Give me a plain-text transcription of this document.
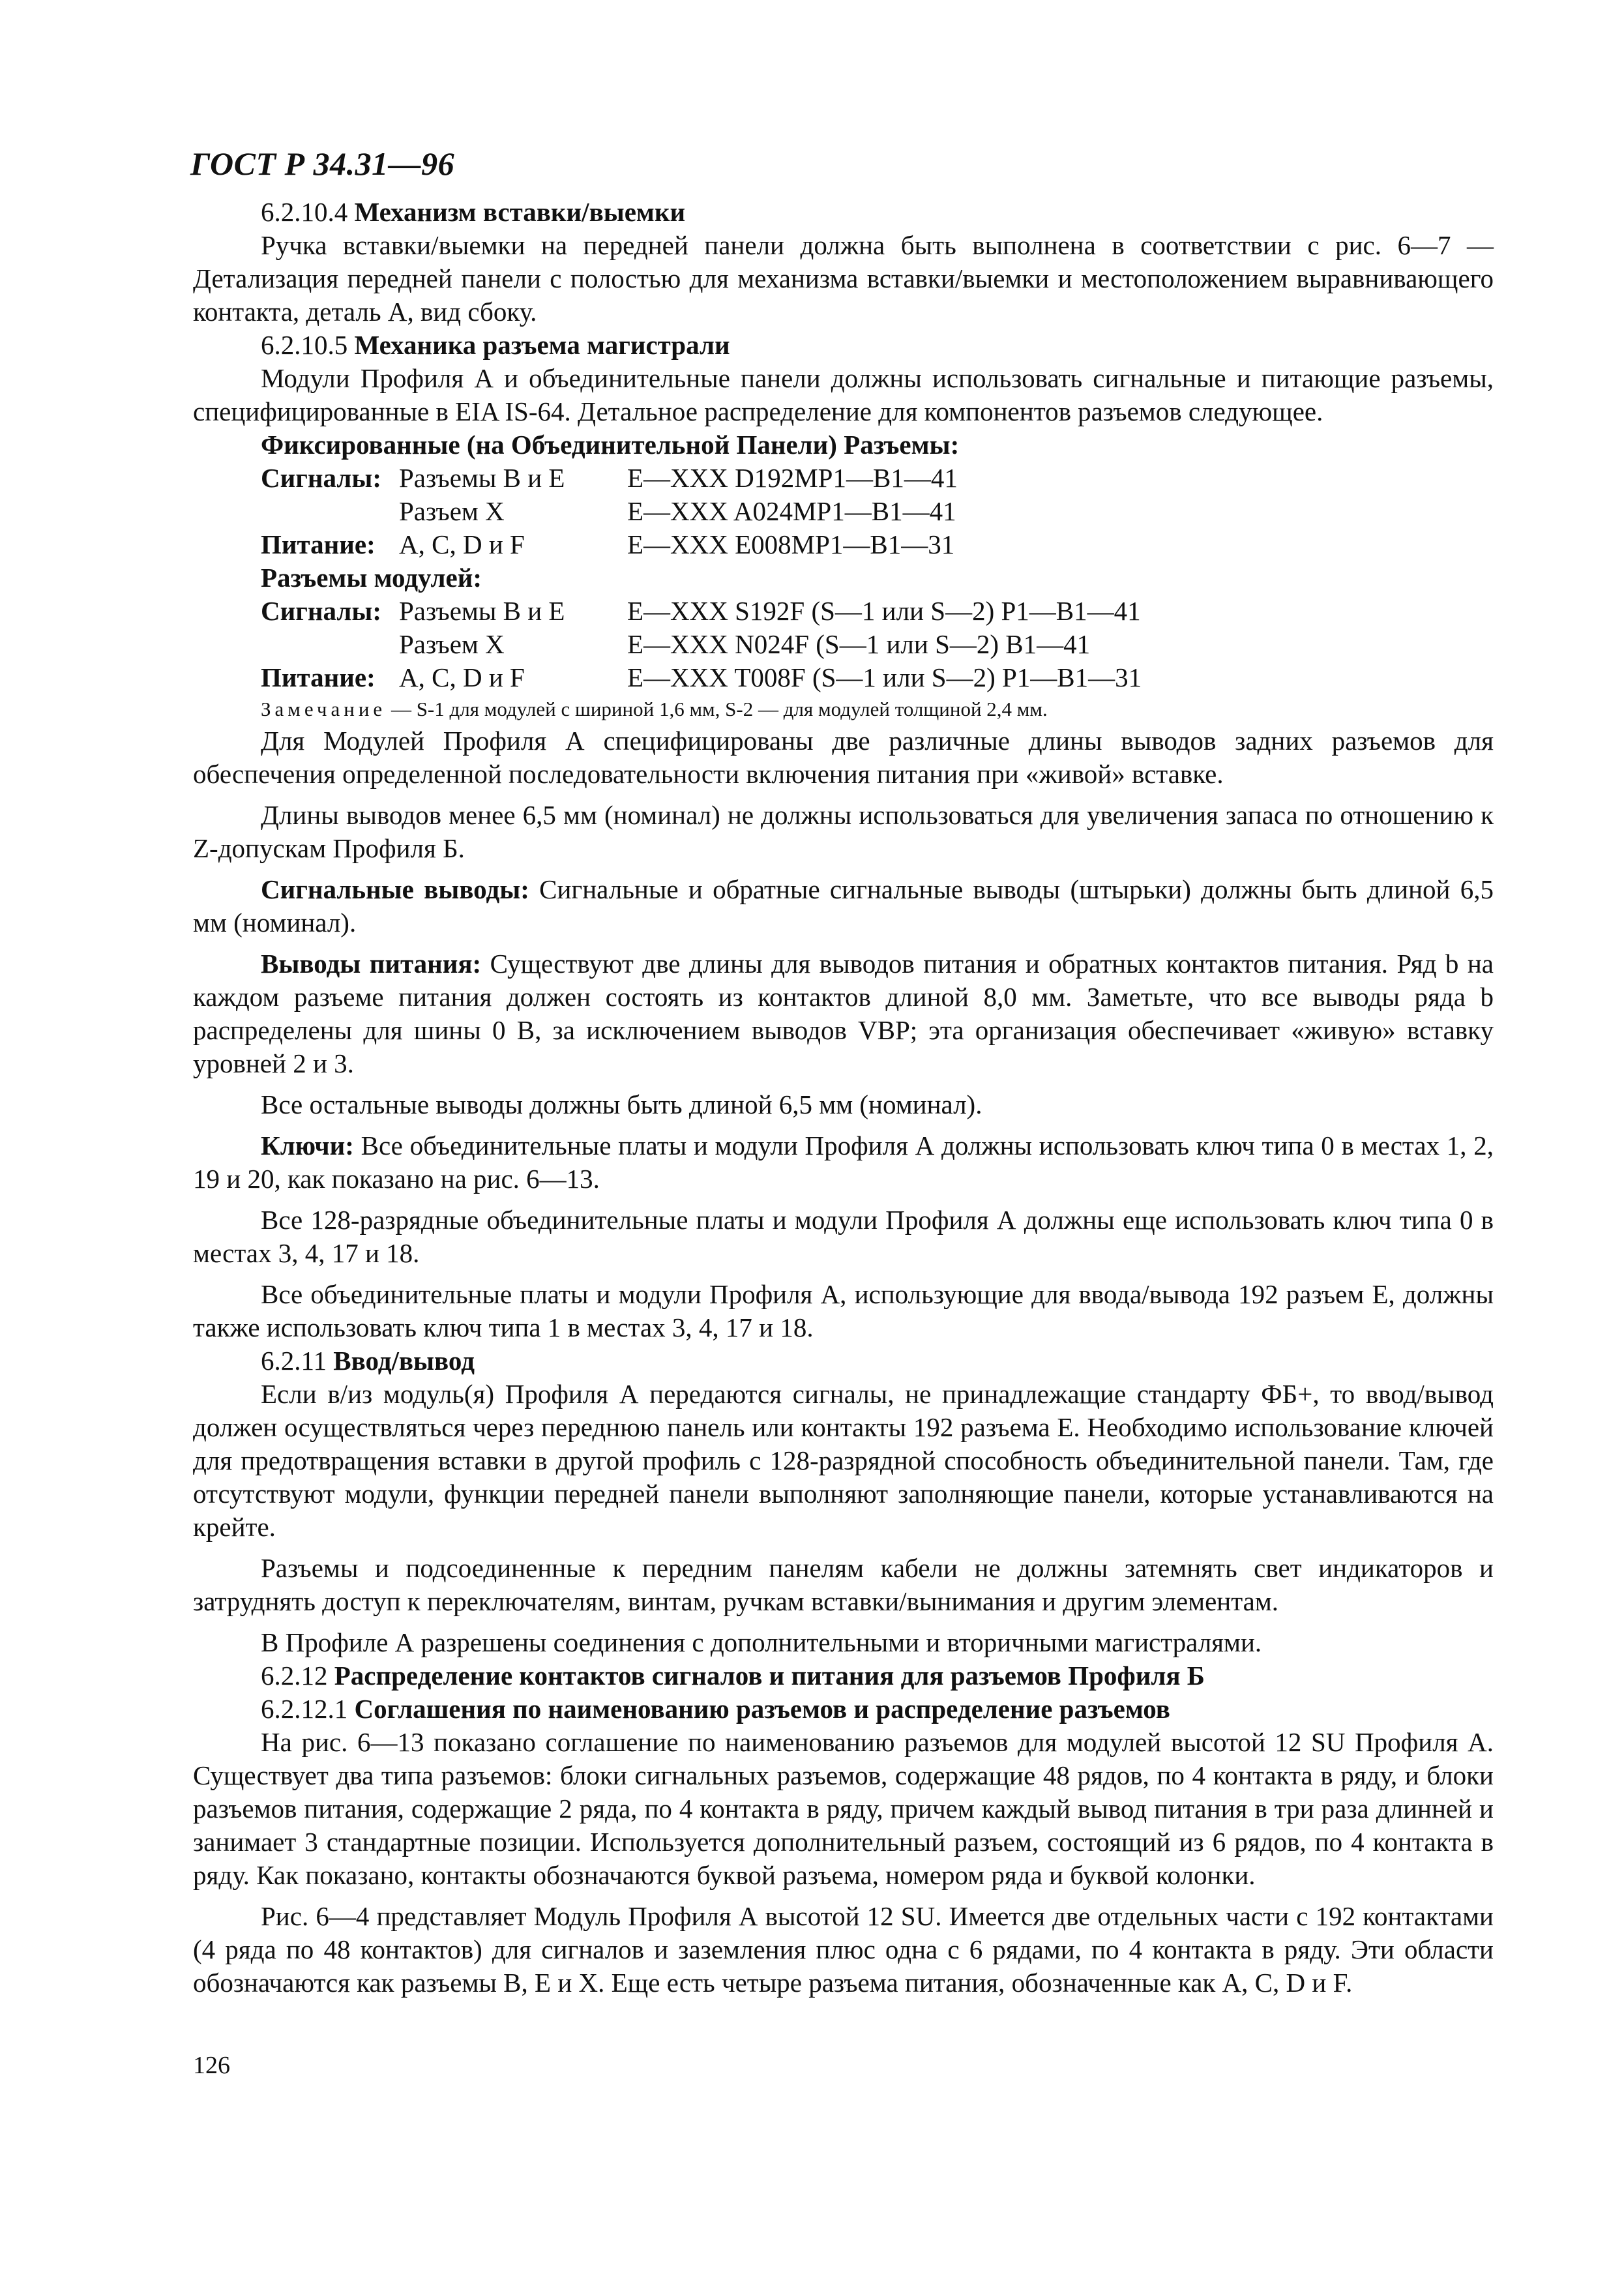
ГОСТ Р 34.31—96

6.2.10.4 Механизм вставки/выемки

Ручка вставки/выемки на передней панели должна быть выполнена в соответствии с рис. 6—7 — Детализация передней панели с полостью для механизма вставки/выемки и местоположением выравнивающего контакта, деталь А, вид сбоку.

6.2.10.5 Механика разъема магистрали

Модули Профиля А и объединительные панели должны использовать сигнальные и питающие разъемы, специфицированные в EIA IS-64. Детальное распределение для компонентов разъемов следующее.

Фиксированные (на Объединительной Панели) Разъемы:
Сигналы: Разъемы В и Е	E—XXX D192MP1—B1—41
Разъем X	E—XXX A024MP1—B1—41
Питание: А, С, D и F	E—XXX E008MP1—B1—31
Разъемы модулей:
Сигналы: Разъемы В и Е	E—XXX S192F (S—1 или S—2) P1—B1—41
Разъем X	E—XXX N024F (S—1 или S—2) B1—41
Питание: А, С, D и F	E—XXX T008F (S—1 или S—2) P1—B1—31

Замечание — S-1 для модулей с шириной 1,6 мм, S-2 — для модулей толщиной 2,4 мм.

Для Модулей Профиля А специфицированы две различные длины выводов задних разъемов для обеспечения определенной последовательности включения питания при «живой» вставке.

Длины выводов менее 6,5 мм (номинал) не должны использоваться для увеличения запаса по отношению к Z-допускам Профиля Б.

Сигнальные выводы: Сигнальные и обратные сигнальные выводы (штырьки) должны быть длиной 6,5 мм (номинал).

Выводы питания: Существуют две длины для выводов питания и обратных контактов питания. Ряд b на каждом разъеме питания должен состоять из контактов длиной 8,0 мм. Заметьте, что все выводы ряда b распределены для шины 0 В, за исключением выводов VBP; эта организация обеспечивает «живую» вставку уровней 2 и 3.

Все остальные выводы должны быть длиной 6,5 мм (номинал).

Ключи: Все объединительные платы и модули Профиля А должны использовать ключ типа 0 в местах 1, 2, 19 и 20, как показано на рис. 6—13.

Все 128-разрядные объединительные платы и модули Профиля А должны еще использовать ключ типа 0 в местах 3, 4, 17 и 18.

Все объединительные платы и модули Профиля А, использующие для ввода/вывода 192 разъем Е, должны также использовать ключ типа 1 в местах 3, 4, 17 и 18.

6.2.11 Ввод/вывод

Если в/из модуль(я) Профиля А передаются сигналы, не принадлежащие стандарту ФБ+, то ввод/вывод должен осуществляться через переднюю панель или контакты 192 разъема Е. Необходимо использование ключей для предотвращения вставки в другой профиль с 128-разрядной способность объединительной панели. Там, где отсутствуют модули, функции передней панели выполняют заполняющие панели, которые устанавливаются на крейте.

Разъемы и подсоединенные к передним панелям кабели не должны затемнять свет индикаторов и затруднять доступ к переключателям, винтам, ручкам вставки/вынимания и другим элементам.

В Профиле А разрешены соединения с дополнительными и вторичными магистралями.

6.2.12 Распределение контактов сигналов и питания для разъемов Профиля Б

6.2.12.1 Соглашения по наименованию разъемов и распределение разъемов

На рис. 6—13 показано соглашение по наименованию разъемов для модулей высотой 12 SU Профиля А. Существует два типа разъемов: блоки сигнальных разъемов, содержащие 48 рядов, по 4 контакта в ряду, и блоки разъемов питания, содержащие 2 ряда, по 4 контакта в ряду, причем каждый вывод питания в три раза длинней и занимает 3 стандартные позиции. Используется дополнительный разъем, состоящий из 6 рядов, по 4 контакта в ряду. Как показано, контакты обозначаются буквой разъема, номером ряда и буквой колонки.

Рис. 6—4 представляет Модуль Профиля А высотой 12 SU. Имеется две отдельных части с 192 контактами (4 ряда по 48 контактов) для сигналов и заземления плюс одна с 6 рядами, по 4 контакта в ряду. Эти области обозначаются как разъемы В, Е и X. Еще есть четыре разъема питания, обозначенные как А, С, D и F.

126
